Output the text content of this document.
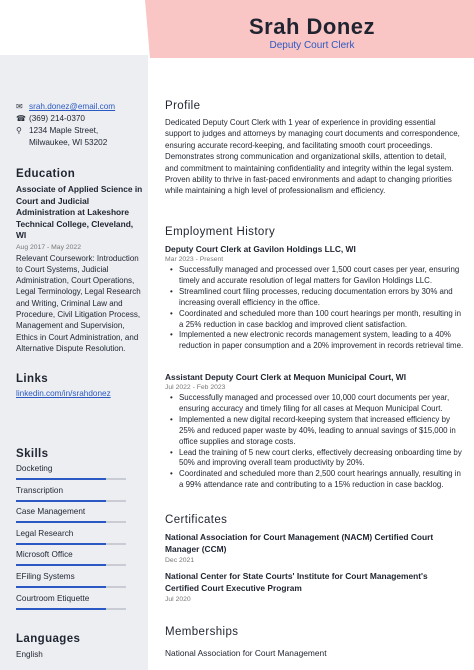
Srah Donez
Deputy Court Clerk
✉ srah.donez@email.com
☎ (369) 214-0370
⚲ 1234 Maple Street,
Milwaukee, WI 53202
Education
Associate of Applied Science in Court and Judicial Administration at Lakeshore Technical College, Cleveland, WI
Aug 2017 - May 2022
Relevant Coursework: Introduction to Court Systems, Judicial Administration, Court Operations, Legal Terminology, Legal Research and Writing, Criminal Law and Procedure, Civil Litigation Process, Management and Supervision, Ethics in Court Administration, and Alternative Dispute Resolution.
Links
linkedin.com/in/srahdonez
Skills
Docketing
Transcription
Case Management
Legal Research
Microsoft Office
EFiling Systems
Courtroom Etiquette
Languages
English
Profile
Dedicated Deputy Court Clerk with 1 year of experience in providing essential support to judges and attorneys by managing court documents and correspondence, ensuring accurate record-keeping, and facilitating smooth court proceedings. Demonstrates strong communication and organizational skills, attention to detail, and commitment to maintaining confidentiality and integrity within the legal system. Proven ability to thrive in fast-paced environments and adapt to changing priorities while maintaining a high level of professionalism and efficiency.
Employment History
Deputy Court Clerk at Gavilon Holdings LLC, WI
Mar 2023 - Present
• Successfully managed and processed over 1,500 court cases per year, ensuring timely and accurate resolution of legal matters for Gavilon Holdings LLC.
• Streamlined court filing processes, reducing documentation errors by 30% and increasing overall efficiency in the office.
• Coordinated and scheduled more than 100 court hearings per month, resulting in a 25% reduction in case backlog and improved client satisfaction.
• Implemented a new electronic records management system, leading to a 40% reduction in paper consumption and a 20% improvement in records retrieval time.
Assistant Deputy Court Clerk at Mequon Municipal Court, WI
Jul 2022 - Feb 2023
• Successfully managed and processed over 10,000 court documents per year, ensuring accuracy and timely filing for all cases at Mequon Municipal Court.
• Implemented a new digital record-keeping system that increased efficiency by 25% and reduced paper waste by 40%, leading to annual savings of $15,000 in office supplies and storage costs.
• Lead the training of 5 new court clerks, effectively decreasing onboarding time by 50% and improving overall team productivity by 20%.
• Coordinated and scheduled more than 2,500 court hearings annually, resulting in a 99% attendance rate and contributing to a 15% reduction in case backlog.
Certificates
National Association for Court Management (NACM) Certified Court Manager (CCM)
Dec 2021
National Center for State Courts' Institute for Court Management's Certified Court Executive Program
Jul 2020
Memberships
National Association for Court Management
